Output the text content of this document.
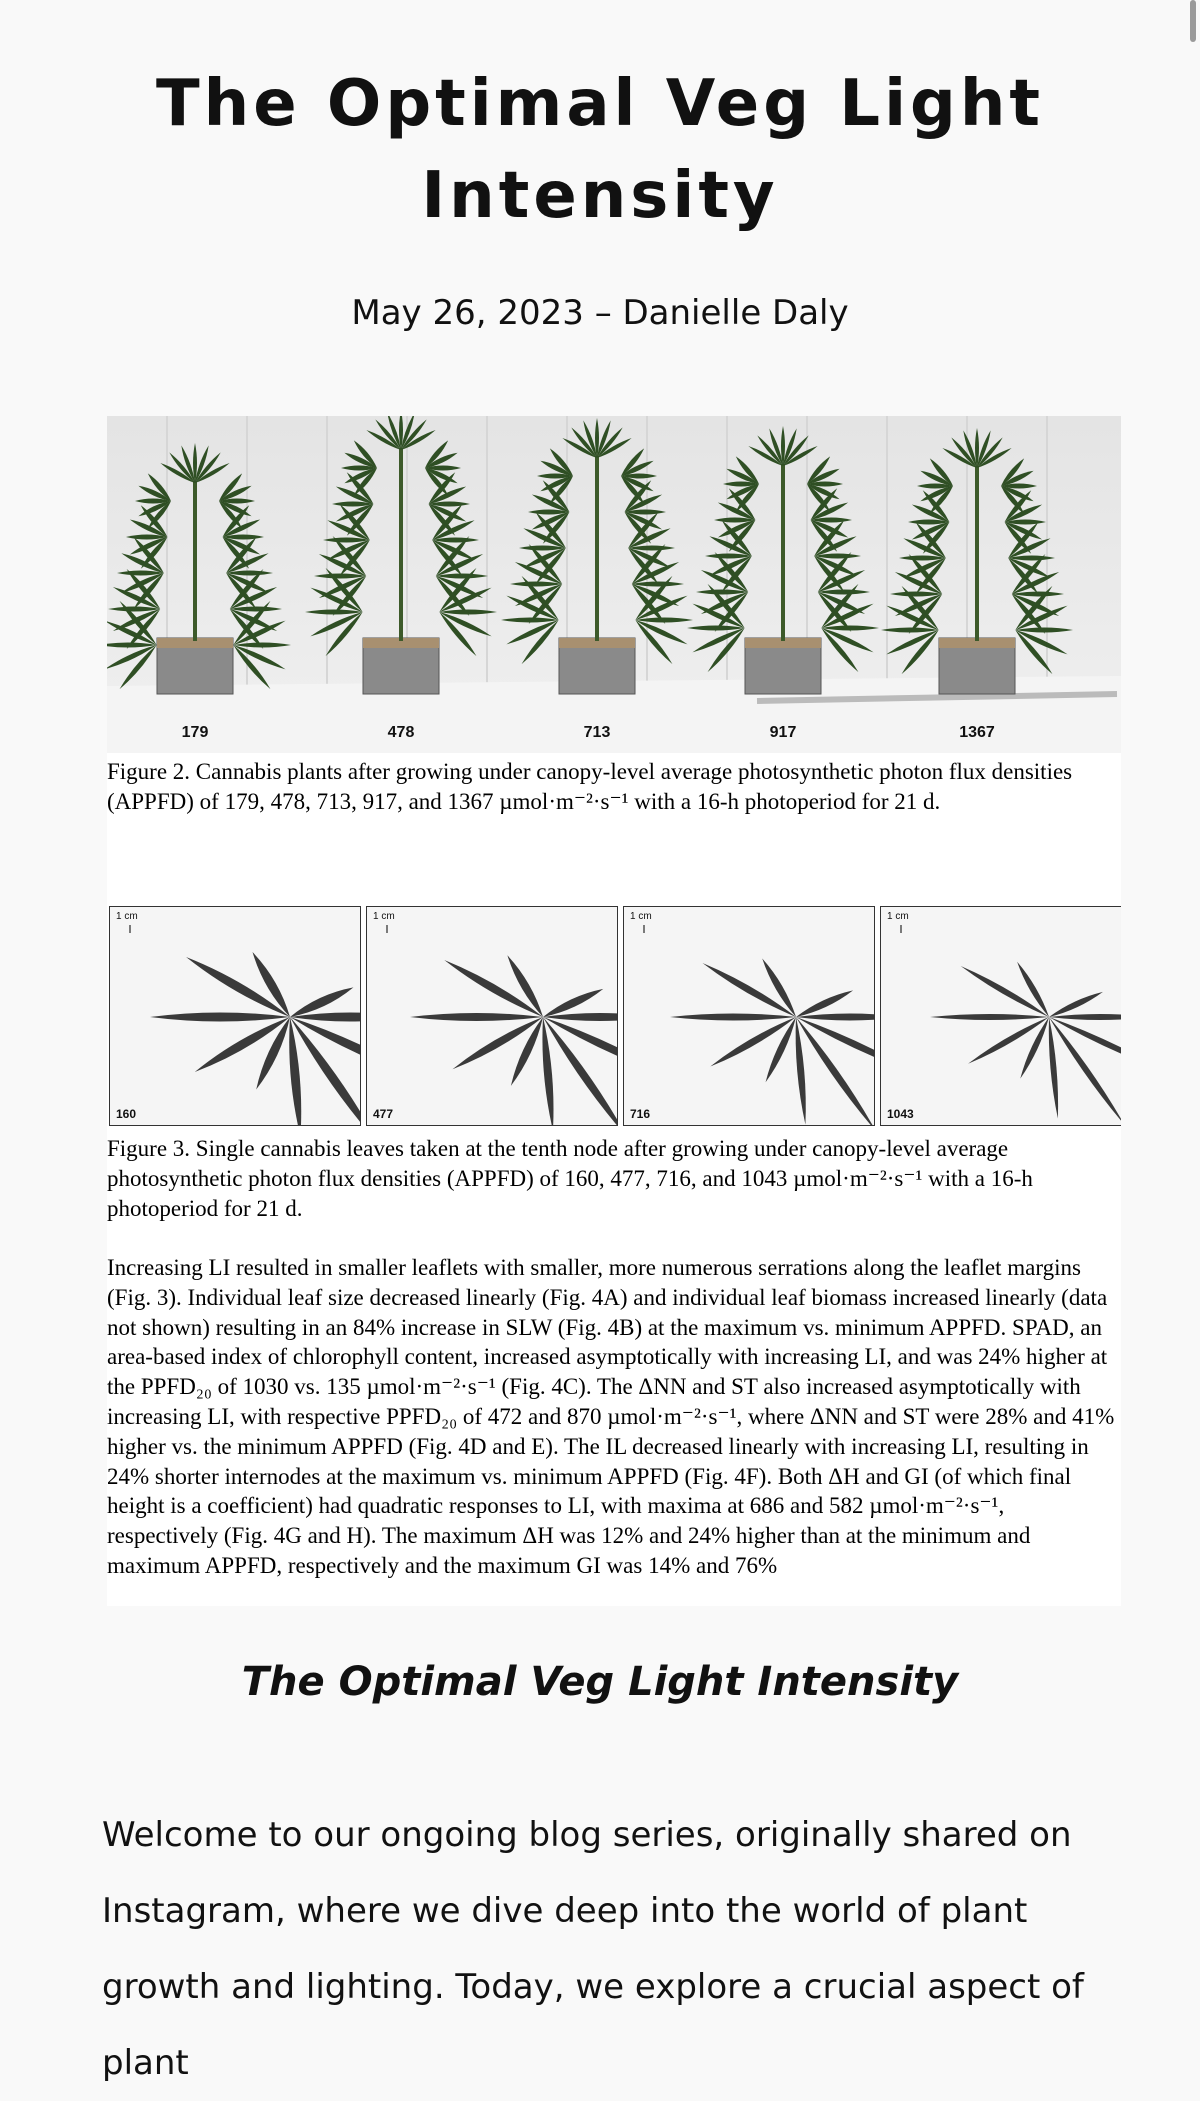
The Optimal Veg Light Intensity
May 26, 2023 – Danielle Daly
179	478	713	917	1367
Figure 2. Cannabis plants after growing under canopy-level average photosynthetic photon flux densities (APPFD) of 179, 478, 713, 917, and 1367 µmol·m⁻²·s⁻¹ with a 16-h photoperiod for 21 d.
1 cm
160
1 cm
477
1 cm
716
1 cm
1043
Figure 3. Single cannabis leaves taken at the tenth node after growing under canopy-level average photosynthetic photon flux densities (APPFD) of 160, 477, 716, and 1043 µmol·m⁻²·s⁻¹ with a 16-h photoperiod for 21 d.
Increasing LI resulted in smaller leaflets with smaller, more numerous serrations along the leaflet margins (Fig. 3). Individual leaf size decreased linearly (Fig. 4A) and individual leaf biomass increased linearly (data not shown) resulting in an 84% increase in SLW (Fig. 4B) at the maximum vs. minimum APPFD. SPAD, an area-based index of chlorophyll content, increased asymptotically with increasing LI, and was 24% higher at the PPFD₂₀ of 1030 vs. 135 µmol·m⁻²·s⁻¹ (Fig. 4C). The ΔNN and ST also increased asymptotically with increasing LI, with respective PPFD₂₀ of 472 and 870 µmol·m⁻²·s⁻¹, where ΔNN and ST were 28% and 41% higher vs. the minimum APPFD (Fig. 4D and E). The IL decreased linearly with increasing LI, resulting in 24% shorter internodes at the maximum vs. minimum APPFD (Fig. 4F). Both ΔH and GI (of which final height is a coefficient) had quadratic responses to LI, with maxima at 686 and 582 µmol·m⁻²·s⁻¹, respectively (Fig. 4G and H). The maximum ΔH was 12% and 24% higher than at the minimum and maximum APPFD, respectively and the maximum GI was 14% and 76%
The Optimal Veg Light Intensity

Welcome to our ongoing blog series, originally shared on Instagram, where we dive deep into the world of plant growth and lighting. Today, we explore a crucial aspect of plant
